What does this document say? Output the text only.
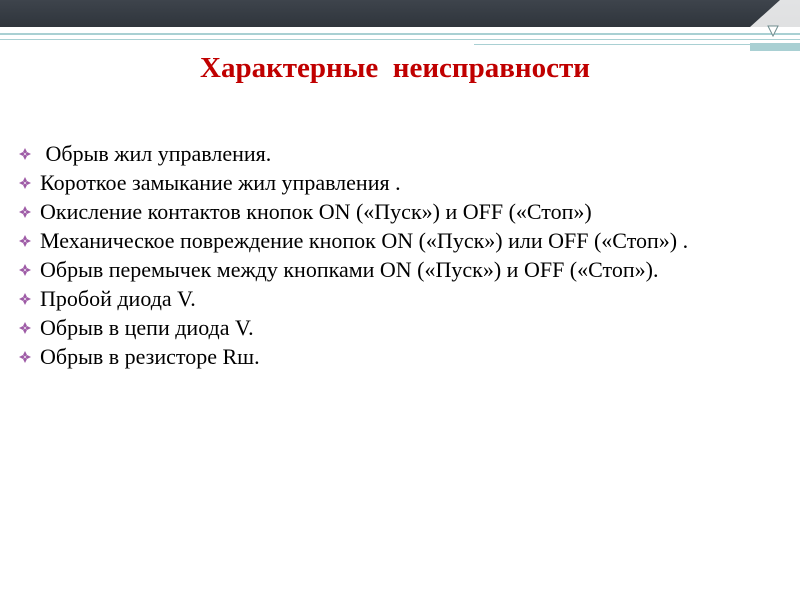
Характерные  неисправности
Обрыв жил управления.
Короткое замыкание жил управления .
Окисление контактов кнопок ON («Пуск») и OFF («Стоп»)
Механическое повреждение кнопок ON («Пуск») или OFF («Стоп») .
Обрыв перемычек между кнопками ON («Пуск») и OFF («Стоп»).
Пробой диода V.
Обрыв в цепи диода V.
Обрыв в резисторе Rш.
